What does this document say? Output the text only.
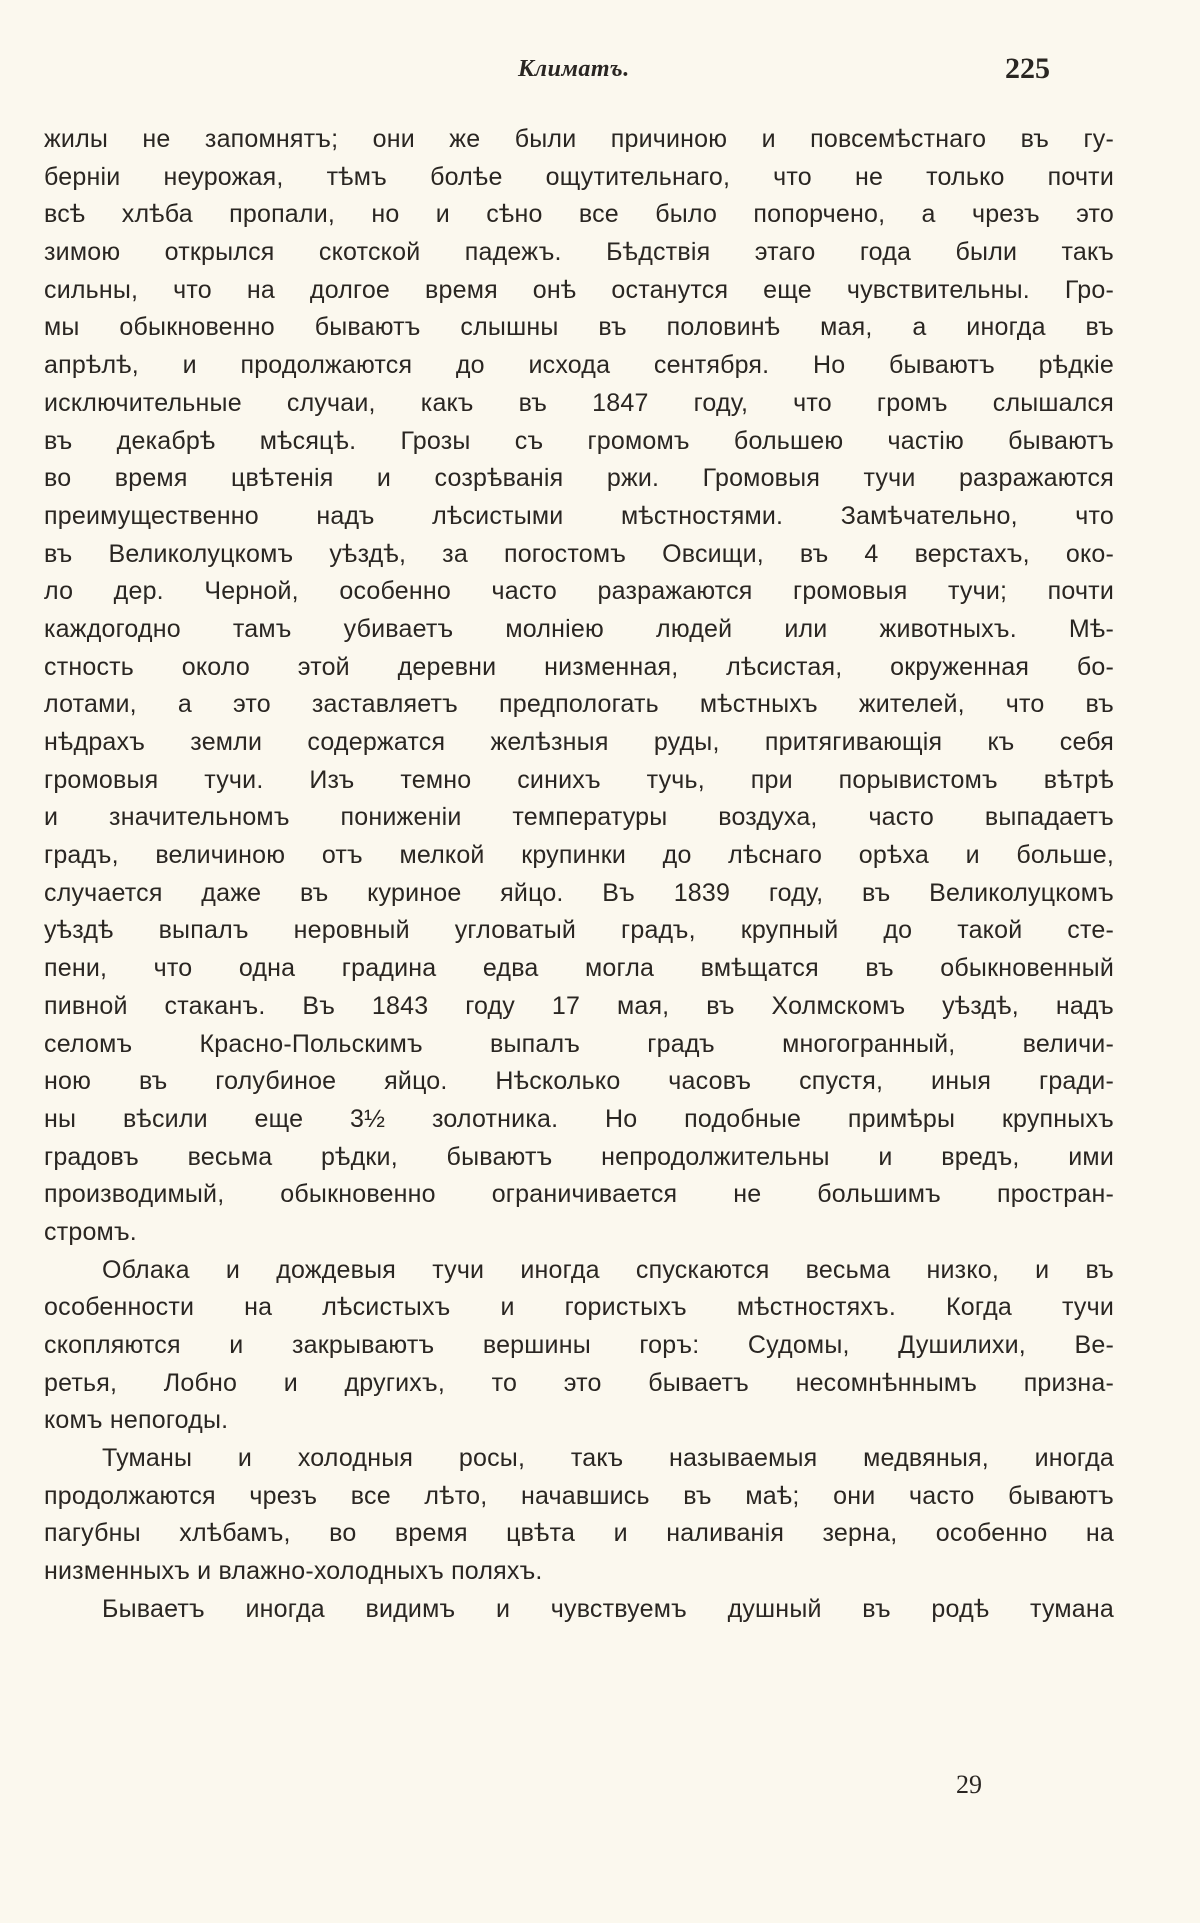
Климатъ.	225
жилы не запомнятъ; они же были причиною и повсемѣстнаго въ гу-
берніи неурожая, тѣмъ болѣе ощутительнаго, что не только почти
всѣ хлѣба пропали, но и сѣно все было попорчено, а чрезъ это
зимою открылся скотской падежъ. Бѣдствія этаго года были такъ
сильны, что на долгое время онѣ останутся еще чувствительны. Гро-
мы обыкновенно бываютъ слышны въ половинѣ мая, а иногда въ
апрѣлѣ, и продолжаются до исхода сентября. Но бываютъ рѣдкіе
исключительные случаи, какъ въ 1847 году, что громъ слышался
въ декабрѣ мѣсяцѣ. Грозы съ громомъ большею частію бываютъ
во время цвѣтенія и созрѣванія ржи. Громовыя тучи разражаются
преимущественно надъ лѣсистыми мѣстностями. Замѣчательно, что
въ Великолуцкомъ уѣздѣ, за погостомъ Овсищи, въ 4 верстахъ, око-
ло дер. Черной, особенно часто разражаются громовыя тучи; почти
каждогодно тамъ убиваетъ молніею людей или животныхъ. Мѣ-
стность около этой деревни низменная, лѣсистая, окруженная бо-
лотами, а это заставляетъ предпологать мѣстныхъ жителей, что въ
нѣдрахъ земли содержатся желѣзныя руды, притягивающія къ себя
громовыя тучи. Изъ темно синихъ тучь, при порывистомъ вѣтрѣ
и значительномъ пониженіи температуры воздуха, часто выпадаетъ
градъ, величиною отъ мелкой крупинки до лѣснаго орѣха и больше,
случается даже въ куриное яйцо. Въ 1839 году, въ Великолуцкомъ
уѣздѣ выпалъ неровный угловатый градъ, крупный до такой сте-
пени, что одна градина едва могла вмѣщатся въ обыкновенный
пивной стаканъ. Въ 1843 году 17 мая, въ Холмскомъ уѣздѣ, надъ
селомъ Красно-Польскимъ выпалъ градъ многогранный, величи-
ною въ голубиное яйцо. Нѣсколько часовъ спустя, иныя гради-
ны вѣсили еще 3½ золотника. Но подобные примѣры крупныхъ
градовъ весьма рѣдки, бываютъ непродолжительны и вредъ, ими
производимый, обыкновенно ограничивается не большимъ простран-
стромъ.
Облака и дождевыя тучи иногда спускаются весьма низко, и въ
особенности на лѣсистыхъ и гористыхъ мѣстностяхъ. Когда тучи
скопляются и закрываютъ вершины горъ: Судомы, Душилихи, Ве-
ретья, Лобно и другихъ, то это бываетъ несомнѣннымъ призна-
комъ непогоды.
Туманы и холодныя росы, такъ называемыя медвяныя, иногда
продолжаются чрезъ все лѣто, начавшись въ маѣ; они часто бываютъ
пагубны хлѣбамъ, во время цвѣта и наливанія зерна, особенно на
низменныхъ и влажно-холодныхъ поляхъ.
Бываетъ иногда видимъ и чувствуемъ душный въ родѣ тумана
29
